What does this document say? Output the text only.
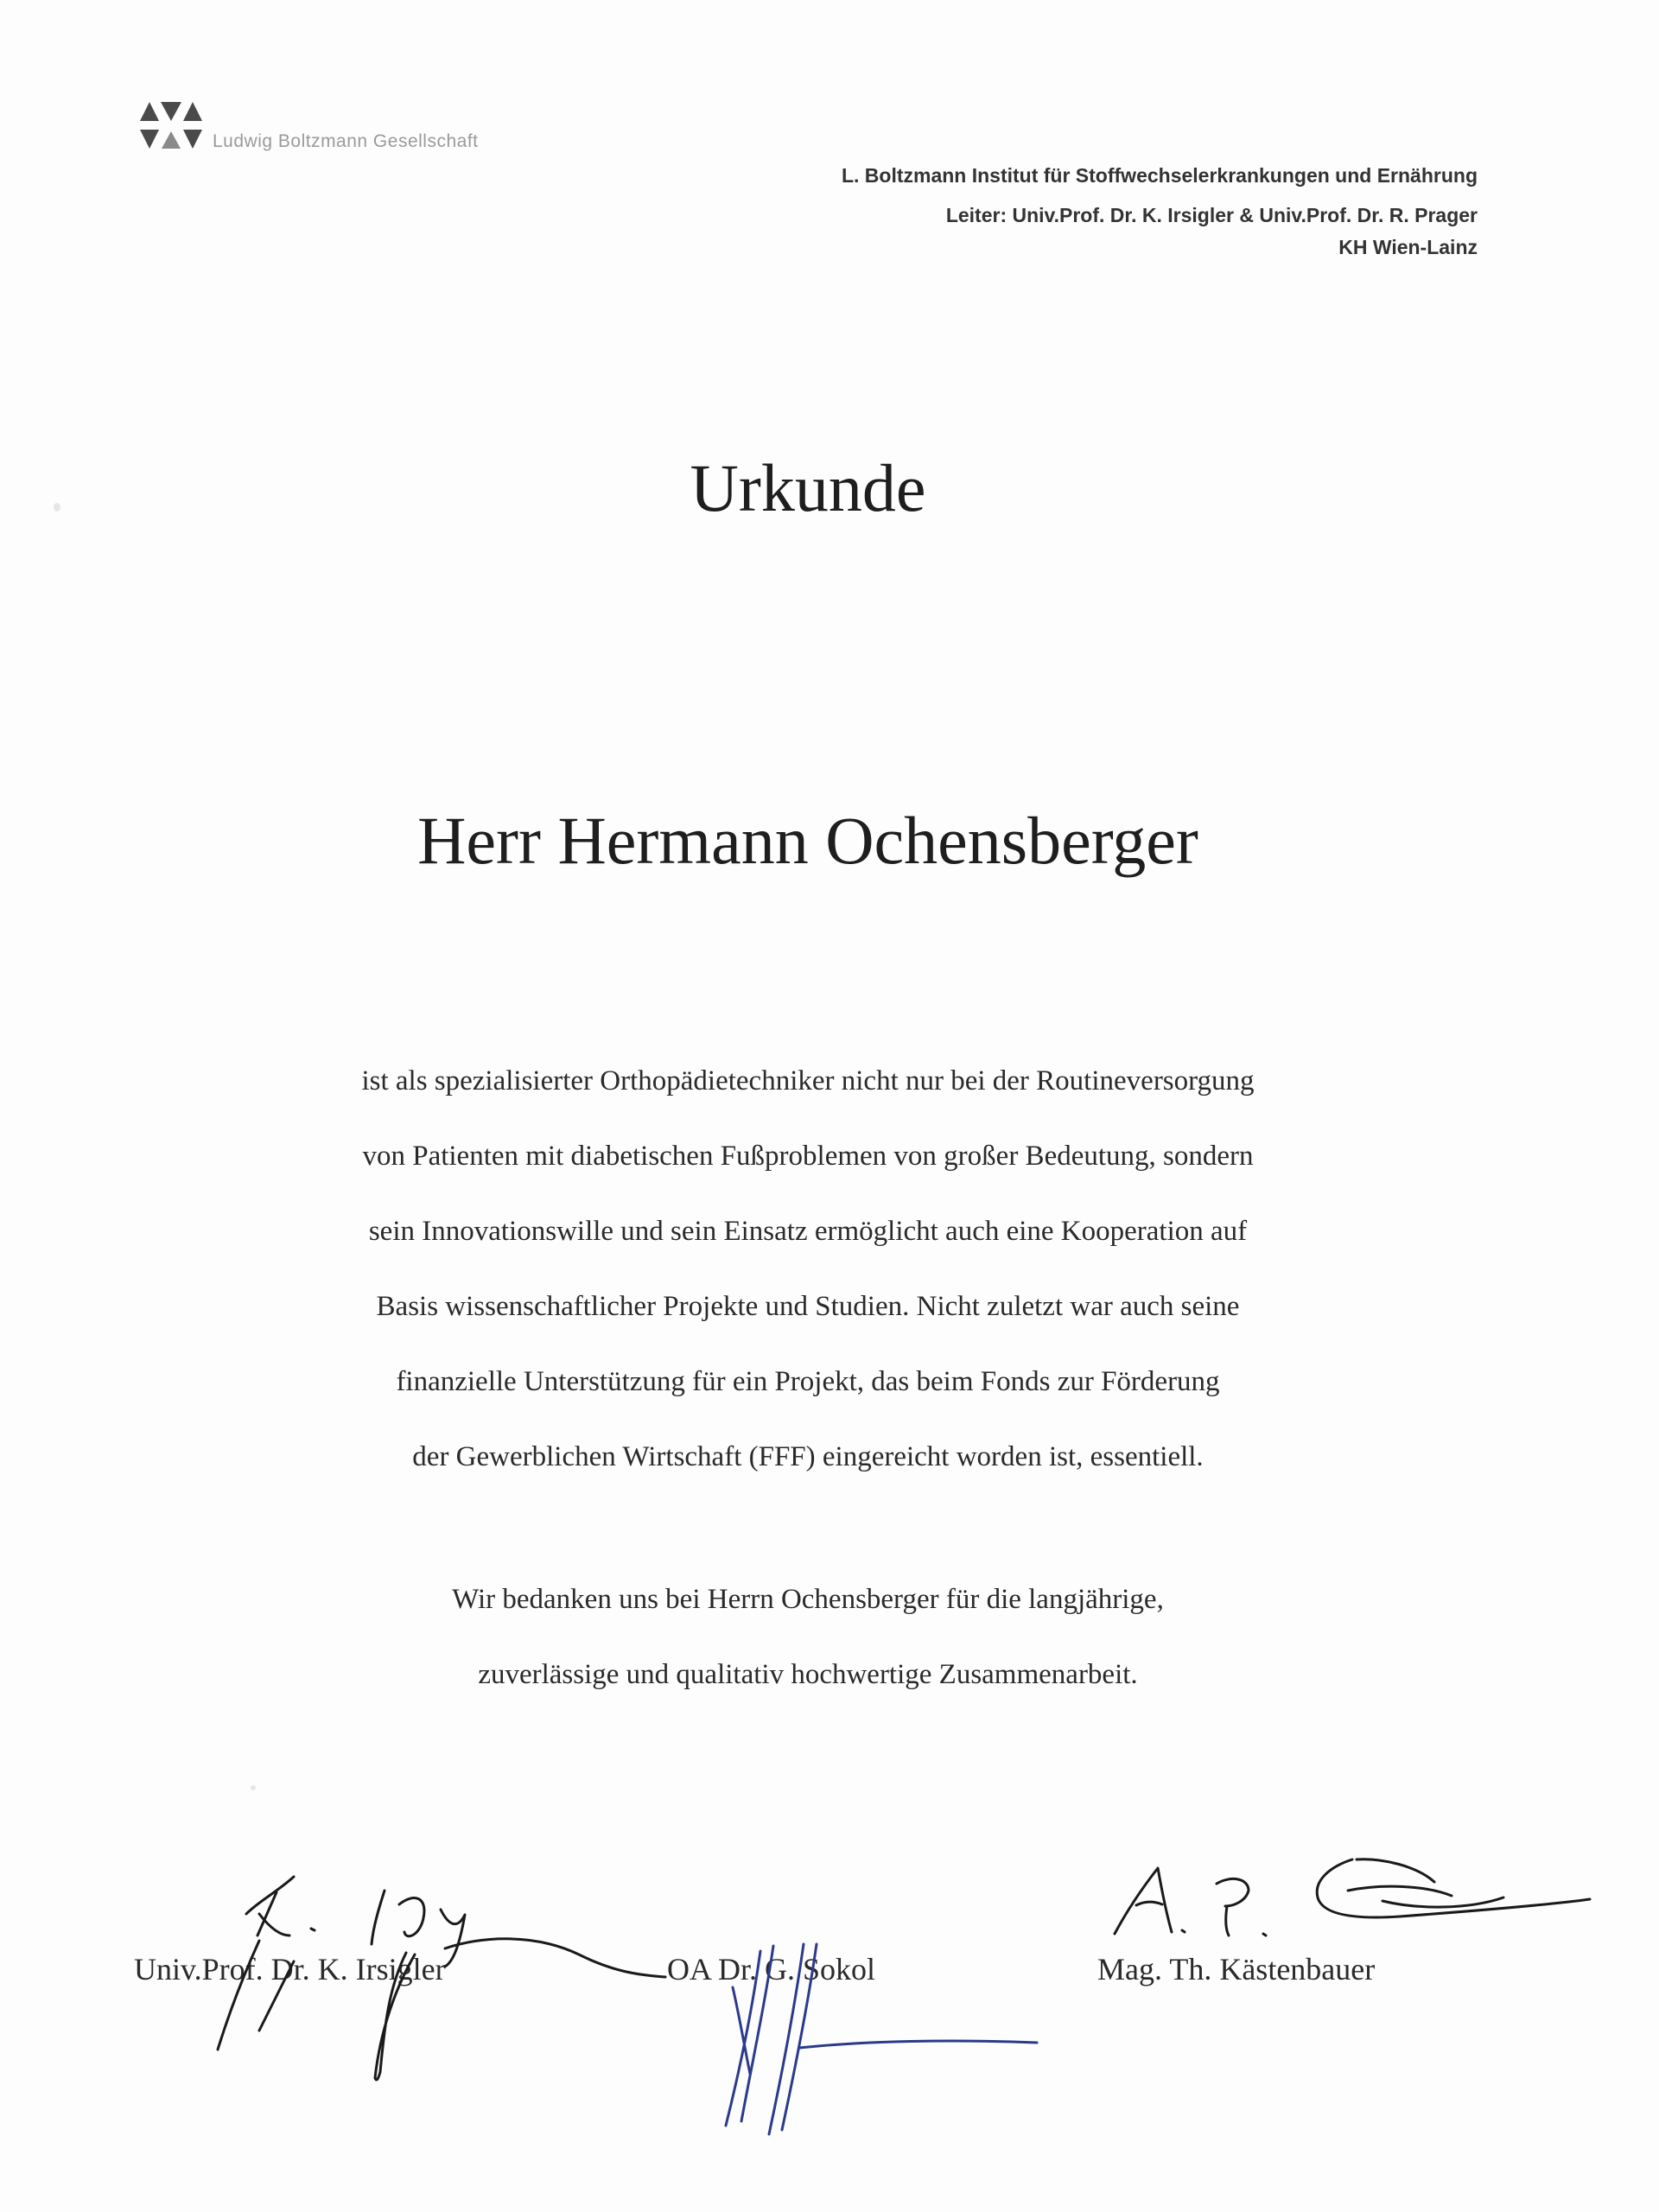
Ludwig Boltzmann Gesellschaft
L. Boltzmann Institut für Stoffwechselerkrankungen und Ernährung
Leiter: Univ.Prof. Dr. K. Irsigler & Univ.Prof. Dr. R. Prager
KH Wien-Lainz
Urkunde
Herr Hermann Ochensberger
ist als spezialisierter Orthopädietechniker nicht nur bei der Routineversorgung
von Patienten mit diabetischen Fußproblemen von großer Bedeutung, sondern
sein Innovationswille und sein Einsatz ermöglicht auch eine Kooperation auf
Basis wissenschaftlicher Projekte und Studien. Nicht zuletzt war auch seine
finanzielle Unterstützung für ein Projekt, das beim Fonds zur Förderung
der Gewerblichen Wirtschaft (FFF) eingereicht worden ist, essentiell.
Wir bedanken uns bei Herrn Ochensberger für die langjährige,
zuverlässige und qualitativ hochwertige Zusammenarbeit.
Univ.Prof. Dr. K. Irsigler	OA Dr. G. Sokol	Mag. Th. Kästenbauer
